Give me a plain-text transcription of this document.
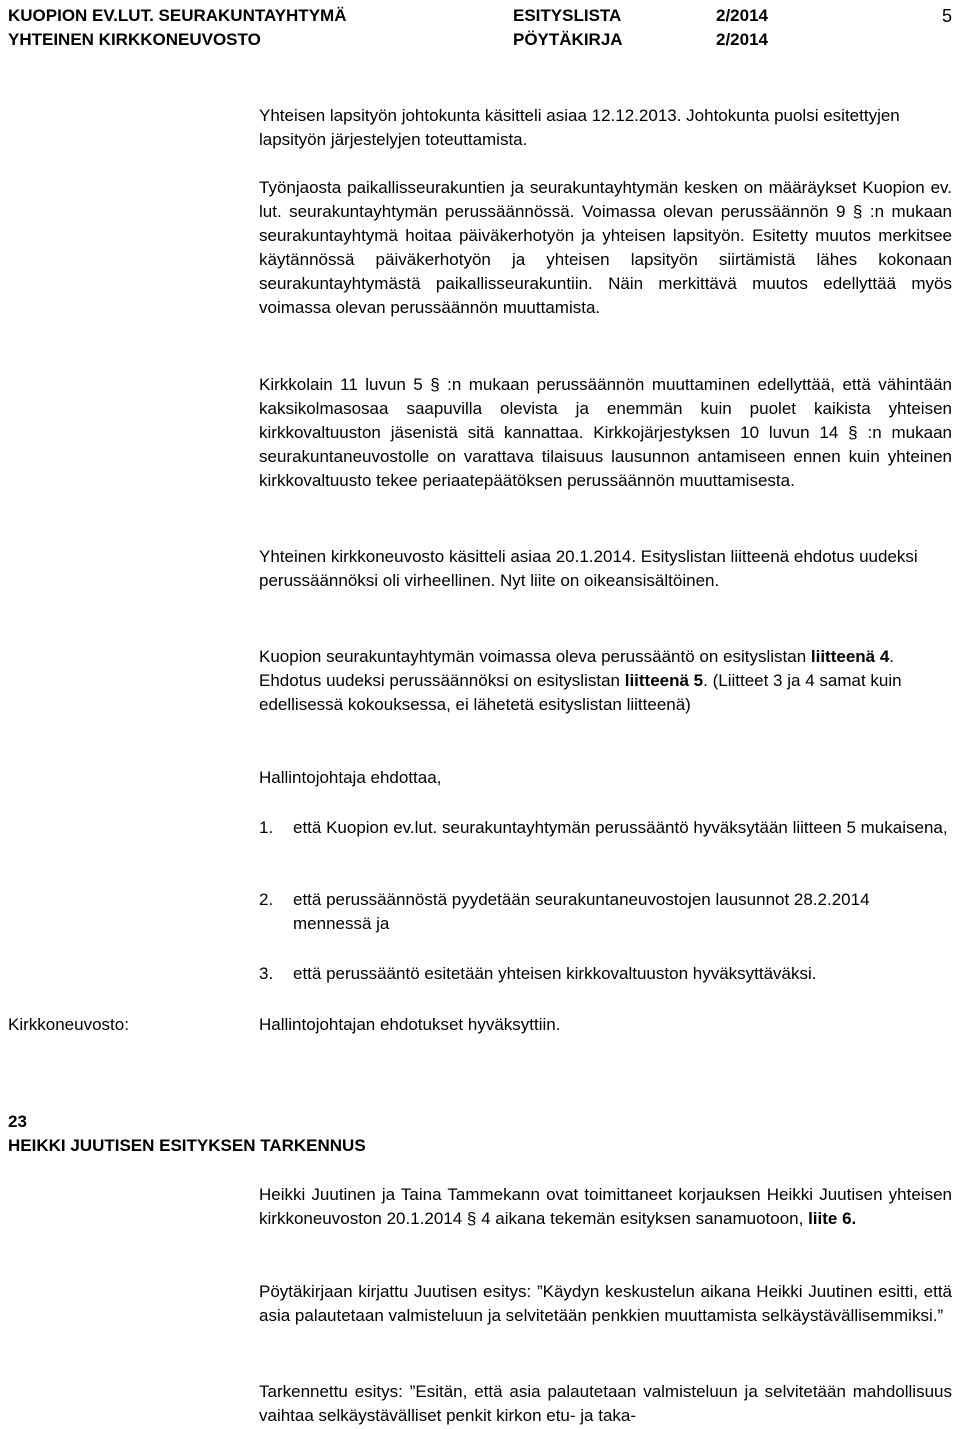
KUOPION EV.LUT. SEURAKUNTAYHTYMÄ	ESITYSLISTA	2/2014	5
YHTEINEN KIRKKONEUVOSTO	PÖYTÄKIRJA	2/2014

Yhteisen lapsityön johtokunta käsitteli asiaa 12.12.2013. Johtokunta puolsi esitettyjen lapsityön järjestelyjen toteuttamista.

Työnjaosta paikallisseurakuntien ja seurakuntayhtymän kesken on määräykset Kuopion ev. lut. seurakuntayhtymän perussäännössä. Voimassa olevan perussäännön 9 § :n mukaan seurakuntayhtymä hoitaa päiväkerhotyön ja yhteisen lapsityön. Esitetty muutos merkitsee käytännössä päiväkerhotyön ja yhteisen lapsityön siirtämistä lähes kokonaan seurakuntayhtymästä paikallisseurakuntiin. Näin merkittävä muutos edellyttää myös voimassa olevan perussäännön muuttamista.

Kirkkolain 11 luvun 5 § :n mukaan perussäännön muuttaminen edellyttää, että vähintään kaksikolmasosaa saapuvilla olevista ja enemmän kuin puolet kaikista yhteisen kirkkovaltuuston jäsenistä sitä kannattaa. Kirkkojärjestyksen 10 luvun 14 § :n mukaan seurakuntaneuvostolle on varattava tilaisuus lausunnon antamiseen ennen kuin yhteinen kirkkovaltuusto tekee periaatepäätöksen perussäännön muuttamisesta.

Yhteinen kirkkoneuvosto käsitteli asiaa 20.1.2014. Esityslistan liitteenä ehdotus uudeksi perussäännöksi oli virheellinen. Nyt liite on oikeansisältöinen.

Kuopion seurakuntayhtymän voimassa oleva perussääntö on esityslistan liitteenä 4. Ehdotus uudeksi perussäännöksi on esityslistan liitteenä 5. (Liitteet 3 ja 4 samat kuin edellisessä kokouksessa, ei lähetetä esityslistan liitteenä)

Hallintojohtaja ehdottaa,

1. että Kuopion ev.lut. seurakuntayhtymän perussääntö hyväksytään liitteen 5 mukaisena,
2. että perussäännöstä pyydetään seurakuntaneuvostojen lausunnot 28.2.2014 mennessä ja
3. että perussääntö esitetään yhteisen kirkkovaltuuston hyväksyttäväksi.
Kirkkoneuvosto:	Hallintojohtajan ehdotukset hyväksyttiin.
23
HEIKKI JUUTISEN ESITYKSEN TARKENNUS

Heikki Juutinen ja Taina Tammekann ovat toimittaneet korjauksen Heikki Juutisen yhteisen kirkkoneuvoston 20.1.2014 § 4 aikana tekemän esityksen sanamuotoon, liite 6.

Pöytäkirjaan kirjattu Juutisen esitys: ”Käydyn keskustelun aikana Heikki Juutinen esitti, että asia palautetaan valmisteluun ja selvitetään penkkien muuttamista selkäystävällisemmiksi.”

Tarkennettu esitys: ”Esitän, että asia palautetaan valmisteluun ja selvitetään mahdollisuus vaihtaa selkäystävälliset penkit kirkon etu- ja taka-
